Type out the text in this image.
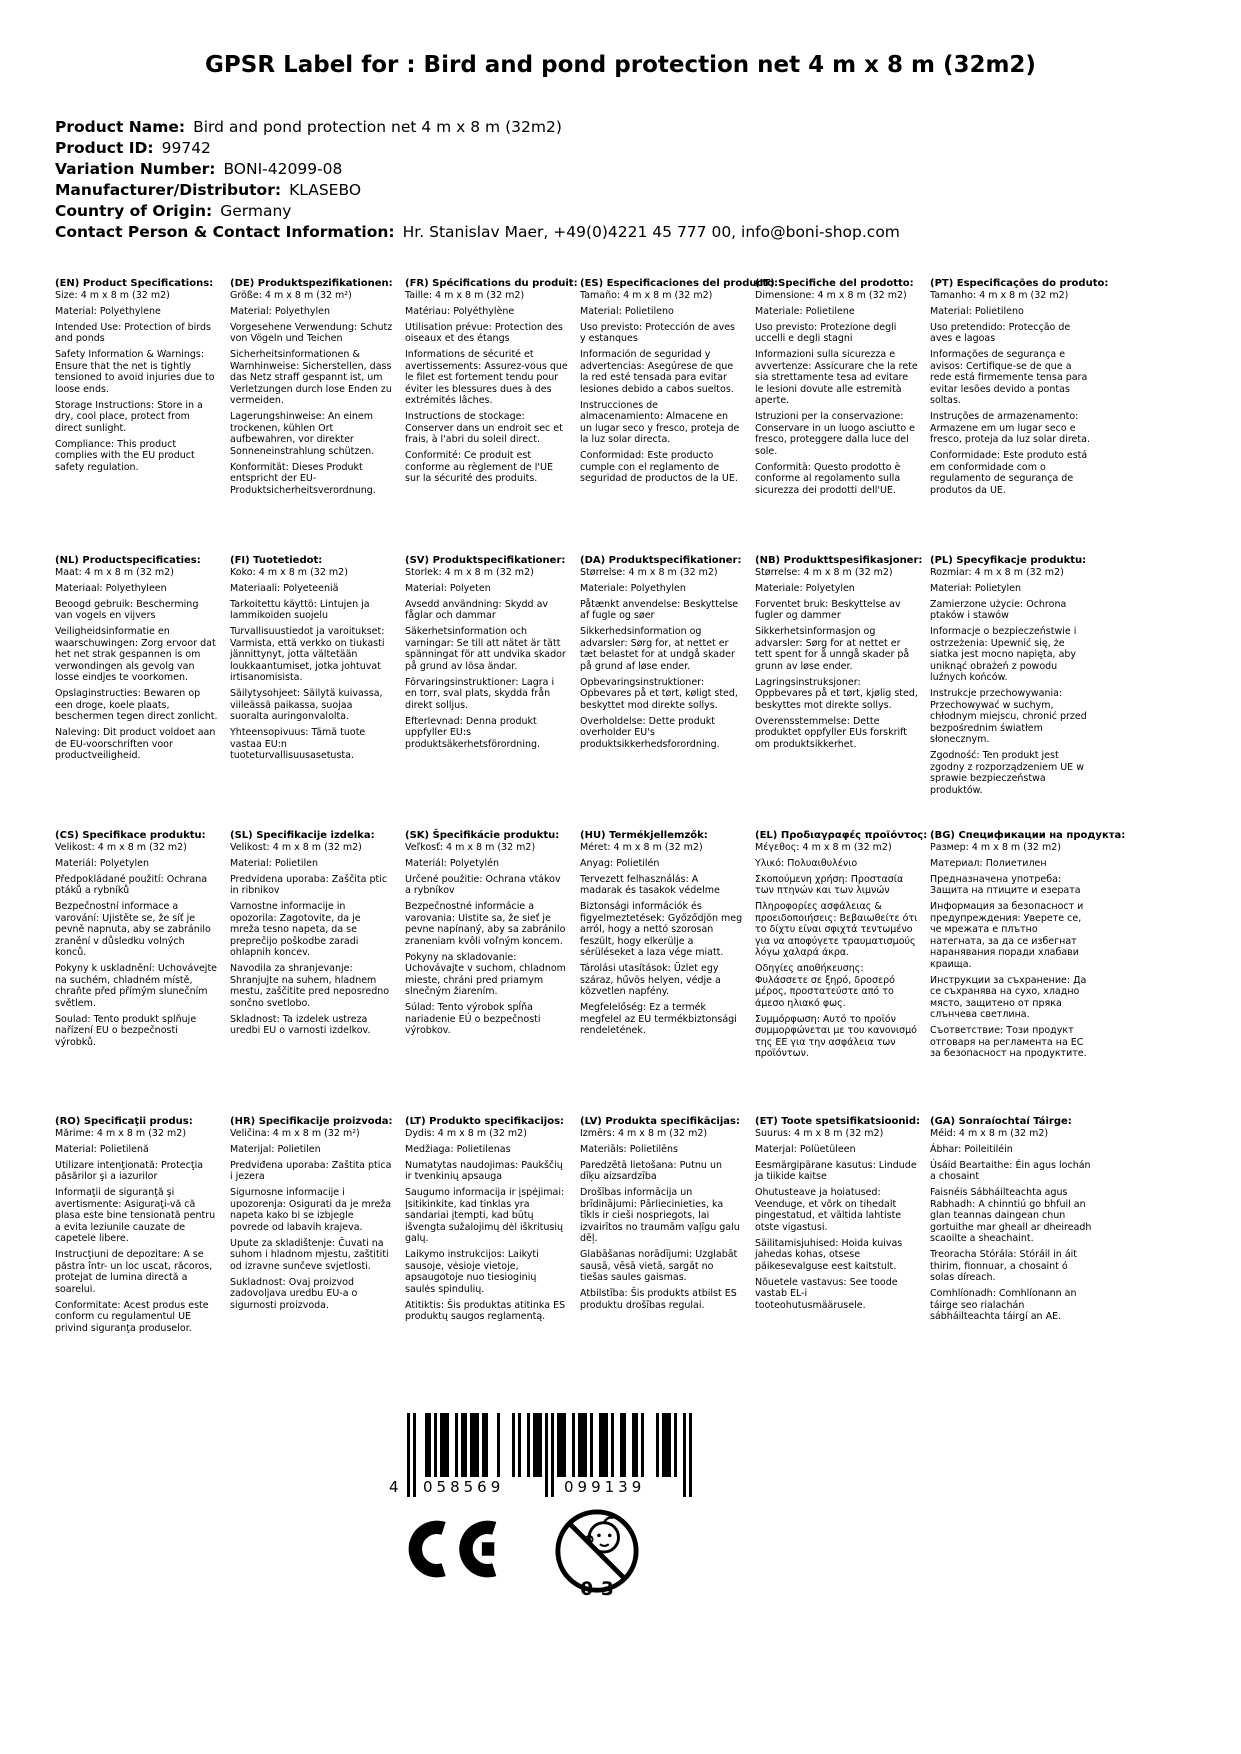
GPSR Label for : Bird and pond protection net 4 m x 8 m (32m2)
Product Name: Bird and pond protection net 4 m x 8 m (32m2)
Product ID: 99742
Variation Number: BONI-42099-08
Manufacturer/Distributor: KLASEBO
Country of Origin: Germany
Contact Person & Contact Information: Hr. Stanislav Maer, +49(0)4221 45 777 00, info@boni-shop.com
(EN) Product Specifications:

Size: 4 m x 8 m (32 m2)

Material: Polyethylene

Intended Use: Protection of birds and ponds

Safety Information & Warnings: Ensure that the net is tightly tensioned to avoid injuries due to loose ends.

Storage Instructions: Store in a dry, cool place, protect from direct sunlight.

Compliance: This product complies with the EU product safety regulation.

(DE) Produktspezifikationen:

Größe: 4 m x 8 m (32 m²)

Material: Polyethylen

Vorgesehene Verwendung: Schutz von Vögeln und Teichen

Sicherheitsinformationen & Warnhinweise: Sicherstellen, dass das Netz straff gespannt ist, um Verletzungen durch lose Enden zu vermeiden.

Lagerungshinweise: An einem trockenen, kühlen Ort aufbewahren, vor direkter Sonneneinstrahlung schützen.

Konformität: Dieses Produkt entspricht der EU-Produktsicherheitsverordnung.

(FR) Spécifications du produit:

Taille: 4 m x 8 m (32 m2)

Matériau: Polyéthylène

Utilisation prévue: Protection des oiseaux et des étangs

Informations de sécurité et avertissements: Assurez-vous que le filet est fortement tendu pour éviter les blessures dues à des extrémités lâches.

Instructions de stockage: Conserver dans un endroit sec et frais, à l'abri du soleil direct.

Conformité: Ce produit est conforme au règlement de l'UE sur la sécurité des produits.

(ES) Especificaciones del producto:

Tamaño: 4 m x 8 m (32 m2)

Material: Polietileno

Uso previsto: Protección de aves y estanques

Información de seguridad y advertencias: Asegúrese de que la red esté tensada para evitar lesiones debido a cabos sueltos.

Instrucciones de almacenamiento: Almacene en un lugar seco y fresco, proteja de la luz solar directa.

Conformidad: Este producto cumple con el reglamento de seguridad de productos de la UE.

(IT) Specifiche del prodotto:

Dimensione: 4 m x 8 m (32 m2)

Materiale: Polietilene

Uso previsto: Protezione degli uccelli e degli stagni

Informazioni sulla sicurezza e avvertenze: Assicurare che la rete sia strettamente tesa ad evitare le lesioni dovute alle estremità aperte.

Istruzioni per la conservazione: Conservare in un luogo asciutto e fresco, proteggere dalla luce del sole.

Conformità: Questo prodotto è conforme al regolamento sulla sicurezza dei prodotti dell'UE.

(PT) Especificações do produto:

Tamanho: 4 m x 8 m (32 m2)

Material: Polietileno

Uso pretendido: Protecção de aves e lagoas

Informações de segurança e avisos: Certifique-se de que a rede está firmemente tensa para evitar lesões devido a pontas soltas.

Instruções de armazenamento: Armazene em um lugar seco e fresco, proteja da luz solar direta.

Conformidade: Este produto está em conformidade com o regulamento de segurança de produtos da UE.

(NL) Productspecificaties:

Maat: 4 m x 8 m (32 m2)

Materiaal: Polyethyleen

Beoogd gebruik: Bescherming van vogels en vijvers

Veiligheidsinformatie en waarschuwingen: Zorg ervoor dat het net strak gespannen is om verwondingen als gevolg van losse eindjes te voorkomen.

Opslaginstructies: Bewaren op een droge, koele plaats, beschermen tegen direct zonlicht.

Naleving: Dit product voldoet aan de EU-voorschriften voor productveiligheid.

(FI) Tuotetiedot:

Koko: 4 m x 8 m (32 m2)

Materiaali: Polyeteeniä

Tarkoitettu käyttö: Lintujen ja lammikoiden suojelu

Turvallisuustiedot ja varoitukset: Varmista, että verkko on tiukasti jännittynyt, jotta vältetään loukkaantumiset, jotka johtuvat irtisanomisista.

Säilytysohjeet: Säilytä kuivassa, viileässä paikassa, suojaa suoralta auringonvalolta.

Yhteensopivuus: Tämä tuote vastaa EU:n tuoteturvallisuusasetusta.

(SV) Produktspecifikationer:

Storlek: 4 m x 8 m (32 m2)

Material: Polyeten

Avsedd användning: Skydd av fåglar och dammar

Säkerhetsinformation och varningar: Se till att nätet är tätt spänningat för att undvika skador på grund av lösa ändar.

Förvaringsinstruktioner: Lagra i en torr, sval plats, skydda från direkt solljus.

Efterlevnad: Denna produkt uppfyller EU:s produktsäkerhetsförordning.

(DA) Produktspecifikationer:

Størrelse: 4 m x 8 m (32 m2)

Materiale: Polyethylen

Påtænkt anvendelse: Beskyttelse af fugle og søer

Sikkerhedsinformation og advarsler: Sørg for, at nettet er tæt belastet for at undgå skader på grund af løse ender.

Opbevaringsinstruktioner: Opbevares på et tørt, køligt sted, beskyttet mod direkte sollys.

Overholdelse: Dette produkt overholder EU's produktsikkerhedsforordning.

(NB) Produkttspesifikasjoner:

Størrelse: 4 m x 8 m (32 m2)

Materiale: Polyetylen

Forventet bruk: Beskyttelse av fugler og dammer

Sikkerhetsinformasjon og advarsler: Sørg for at nettet er tett spent for å unngå skader på grunn av løse ender.

Lagringsinstruksjoner: Oppbevares på et tørt, kjølig sted, beskyttes mot direkte sollys.

Overensstemmelse: Dette produktet oppfyller EUs forskrift om produktsikkerhet.

(PL) Specyfikacje produktu:

Rozmiar: 4 m x 8 m (32 m2)

Materiał: Polietylen

Zamierzone użycie: Ochrona ptaków i stawów

Informacje o bezpieczeństwie i ostrzeżenia: Upewnić się, że siatka jest mocno napięta, aby uniknąć obrażeń z powodu luźnych końców.

Instrukcje przechowywania: Przechowywać w suchym, chłodnym miejscu, chronić przed bezpośrednim światłem słonecznym.

Zgodność: Ten produkt jest zgodny z rozporządzeniem UE w sprawie bezpieczeństwa produktów.

(CS) Specifikace produktu:

Velikost: 4 m x 8 m (32 m2)

Materiál: Polyetylen

Předpokládané použití: Ochrana ptáků a rybníků

Bezpečnostní informace a varování: Ujistěte se, že síť je pevně napnuta, aby se zabránilo zranění v důsledku volných konců.

Pokyny k uskladnění: Uchovávejte na suchém, chladném místě, chraňte před přímým slunečním světlem.

Soulad: Tento produkt splňuje nařízení EU o bezpečnosti výrobků.

(SL) Specifikacije izdelka:

Velikost: 4 m x 8 m (32 m2)

Material: Polietilen

Predvidena uporaba: Zaščita ptic in ribnikov

Varnostne informacije in opozorila: Zagotovite, da je mreža tesno napeta, da se preprečijo poškodbe zaradi ohlapnih koncev.

Navodila za shranjevanje: Shranjujte na suhem, hladnem mestu, zaščitite pred neposredno sončno svetlobo.

Skladnost: Ta izdelek ustreza uredbi EU o varnosti izdelkov.

(SK) Špecifikácie produktu:

Veľkosť: 4 m x 8 m (32 m2)

Materiál: Polyetylén

Určené použitie: Ochrana vtákov a rybníkov

Bezpečnostné informácie a varovania: Uistite sa, že sieť je pevne napínaný, aby sa zabránilo zraneniam kvôli voľným koncem.

Pokyny na skladovanie: Uchovávajte v suchom, chladnom mieste, chráni pred priamym slnečným žiarením.

Súlad: Tento výrobok spĺňa nariadenie EÚ o bezpečnosti výrobkov.

(HU) Termékjellemzők:

Méret: 4 m x 8 m (32 m2)

Anyag: Polietilén

Tervezett felhasználás: A madarak és tasakok védelme

Biztonsági információk és figyelmeztetések: Győződjön meg arról, hogy a nettó szorosan feszült, hogy elkerülje a sérüléseket a laza vége miatt.

Tárolási utasítások: Üzlet egy száraz, hűvös helyen, védje a közvetlen napfény.

Megfelelőség: Ez a termék megfelel az EU termékbiztonsági rendeletének.

(EL) Προδιαγραφές προϊόντος:

Μέγεθος: 4 m x 8 m (32 m2)

Υλικό: Πολυαιθυλένιο

Σκοπούμενη χρήση: Προστασία των πτηνών και των λιμνών

Πληροφορίες ασφάλειας & προειδοποιήσεις: Βεβαιωθείτε ότι το δίχτυ είναι σφιχτά τεντωμένο για να αποφύγετε τραυματισμούς λόγω χαλαρά άκρα.

Οδηγίες αποθήκευσης: Φυλάσσετε σε ξηρό, δροσερό μέρος, προστατεύστε από το άμεσο ηλιακό φως.

Συμμόρφωση: Αυτό το προϊόν συμμορφώνεται με του κανονισμό της ΕΕ για την ασφάλεια των προϊόντων.

(BG) Спецификации на продукта:

Размер: 4 m x 8 m (32 m2)

Материал: Полиетилен

Предназначена употреба: Защита на птиците и езерата

Информация за безопасност и предупреждения: Уверете се, че мрежата е плътно натегната, за да се избегнат наранявания поради хлабави краища.

Инструкции за съхранение: Да се съхранява на сухо, хладно място, защитено от пряка слънчева светлина.

Съответствие: Този продукт отговаря на регламента на ЕС за безопасност на продуктите.

(RO) Specificaţii produs:

Mărime: 4 m x 8 m (32 m2)

Material: Polietilenă

Utilizare intenţionată: Protecţia păsărilor şi a iazurilor

Informaţii de siguranţă şi avertismente: Asiguraţi-vă că plasa este bine tensionată pentru a evita leziunile cauzate de capetele libere.

Instrucţiuni de depozitare: A se păstra într- un loc uscat, răcoros, protejat de lumina directă a soarelui.

Conformitate: Acest produs este conform cu regulamentul UE privind siguranţa produselor.

(HR) Specifikacije proizvoda:

Veličina: 4 m x 8 m (32 m²)

Materijal: Polietilen

Predviđena uporaba: Zaštita ptica i jezera

Sigurnosne informacije i upozorenja: Osigurati da je mreža napeta kako bi se izbjegle povrede od labavih krajeva.

Upute za skladištenje: Čuvati na suhom i hladnom mjestu, zaštititi od izravne sunčeve svjetlosti.

Sukladnost: Ovaj proizvod zadovoljava uredbu EU-a o sigurnosti proizvoda.

(LT) Produkto specifikacijos:

Dydis: 4 m x 8 m (32 m2)

Medžiaga: Polietilenas

Numatytas naudojimas: Paukščių ir tvenkinių apsauga

Saugumo informacija ir įspėjimai: Įsitikinkite, kad tinklas yra sandariai įtempti, kad būtų išvengta sužalojimų dėl iškritusių galų.

Laikymo instrukcijos: Laikyti sausoje, vėsioje vietoje, apsaugotoje nuo tiesioginių saulės spindulių.

Atitiktis: Šis produktas atitinka ES produktų saugos reglamentą.

(LV) Produkta specifikācijas:

Izmērs: 4 m x 8 m (32 m2)

Materiāls: Polietilēns

Paredzētā lietošana: Putnu un dīķu aizsardzība

Drošības informācija un brīdinājumi: Pārliecinieties, ka tīkls ir cieši nospriegots, lai izvairītos no traumām vaļīgu galu dēļ.

Glabāšanas norādījumi: Uzglabāt sausā, vēsā vietā, sargāt no tiešas saules gaismas.

Atbilstība: Šis produkts atbilst ES produktu drošības regulai.

(ET) Toote spetsifikatsioonid:

Suurus: 4 m x 8 m (32 m2)

Materjal: Polüetüleen

Eesmärgipärane kasutus: Lindude ja tiikide kaitse

Ohutusteave ja hoiatused: Veenduge, et võrk on tihedalt pingestatud, et vältida lahtiste otste vigastusi.

Säilitamisjuhised: Hoida kuivas jahedas kohas, otsese päikesevalguse eest kaitstult.

Nõuetele vastavus: See toode vastab EL-i tooteohutusmäärusele.

(GA) Sonraíochtaí Táirge:

Méid: 4 m x 8 m (32 m2)

Ábhar: Poileitiléin

Úsáid Beartaithe: Éin agus lochán a chosaint

Faisnéis Sábháilteachta agus Rabhadh: A chinntiú go bhfuil an glan teannas daingean chun gortuithe mar gheall ar dheireadh scaoilte a sheachaint.

Treoracha Stórála: Stóráil in áit thirim, fionnuar, a chosaint ó solas díreach.

Comhlíonadh: Comhlíonann an táirge seo rialachán sábháilteachta táirgí an AE.

4 058569	099139
0-3
